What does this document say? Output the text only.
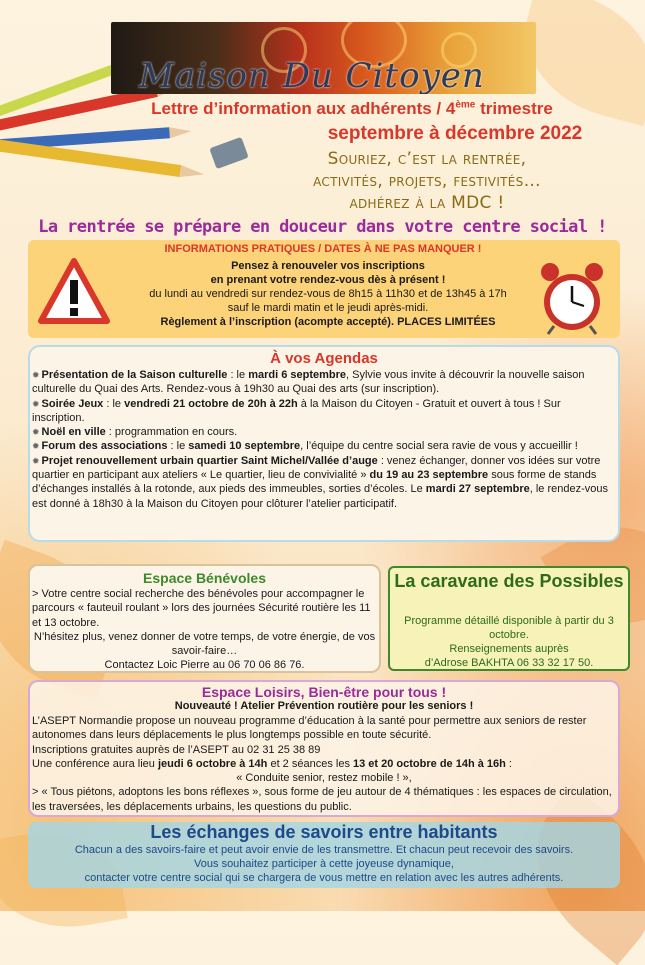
Maison Du Citoyen
Lettre d’information aux adhérents / 4ème trimestre
septembre à décembre 2022
Souriez, c’est la rentrée,
activités, projets, festivités…
adhérez à la MDC !
La rentrée se prépare en douceur dans votre centre social !
INFORMATIONS PRATIQUES / DATES À NE PAS MANQUER !
Pensez à renouveler vos inscriptions
en prenant votre rendez-vous dès à présent !
du lundi au vendredi sur rendez-vous de 8h15 à 11h30 et de 13h45 à 17h
sauf le mardi matin et le jeudi après-midi.
Règlement à l’inscription (acompte accepté). PLACES LIMITÉES
À vos Agendas

✹ Présentation de la Saison culturelle : le mardi 6 septembre, Sylvie vous invite à découvrir la nouvelle saison culturelle du Quai des Arts. Rendez-vous à 19h30 au Quai des arts (sur inscription).

✹ Soirée Jeux : le vendredi 21 octobre de 20h à 22h à la Maison du Citoyen - Gratuit et ouvert à tous ! Sur inscription.

✹ Noël en ville : programmation en cours.

✹ Forum des associations : le samedi 10 septembre, l’équipe du centre social sera ravie de vous y accueillir !

✹ Projet renouvellement urbain quartier Saint Michel/Vallée d’auge : venez échanger, donner vos idées sur votre quartier en participant aux ateliers « Le quartier, lieu de convivialité » du 19 au 23 septembre sous forme de stands d’échanges installés à la rotonde, aux pieds des immeubles, sorties d’écoles. Le mardi 27 septembre, le rendez-vous est donné à 18h30 à la Maison du Citoyen pour clôturer l’atelier participatif.

Espace Bénévoles
> Votre centre social recherche des bénévoles pour accompagner le parcours « fauteuil roulant » lors des journées Sécurité routière les 11 et 13 octobre.
N’hésitez plus, venez donner de votre temps, de votre énergie, de vos savoir-faire…
Contactez Loic Pierre au 06 70 06 86 76.
La caravane des Possibles
Programme détaillé disponible à partir du 3 octobre.
Renseignements auprès
d’Adrose BAKHTA 06 33 32 17 50.
Espace Loisirs, Bien-être pour tous !
Nouveauté ! Atelier Prévention routière pour les seniors !
L’ASEPT Normandie propose un nouveau programme d’éducation à la santé pour permettre aux seniors de rester autonomes dans leurs déplacements le plus longtemps possible en toute sécurité.
Inscriptions gratuites auprès de l’ASEPT au 02 31 25 38 89
Une conférence aura lieu jeudi 6 octobre à 14h et 2 séances les 13 et 20 octobre de 14h à 16h :
« Conduite senior, restez mobile ! »,
> « Tous piétons, adoptons les bons réflexes », sous forme de jeu autour de 4 thématiques : les espaces de circulation, les traversées, les déplacements urbains, les questions du public.
Les échanges de savoirs entre habitants
Chacun a des savoirs-faire et peut avoir envie de les transmettre. Et chacun peut recevoir des savoirs.
Vous souhaitez participer à cette joyeuse dynamique,
contacter votre centre social qui se chargera de vous mettre en relation avec les autres adhérents.
